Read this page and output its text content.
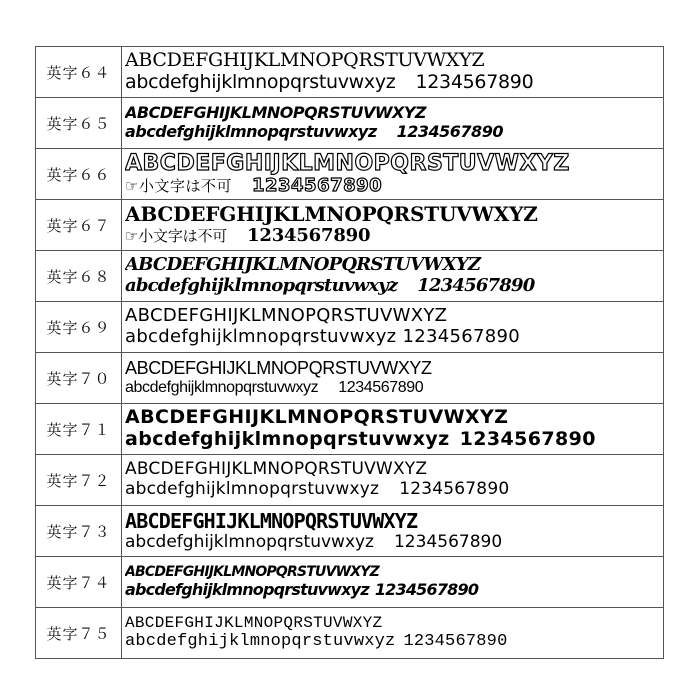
英字６４	ABCDEFGHIJKLMNOPQRSTUVWXYZ
abcdefghijklmnopqrstuvwxyz 1234567890

英字６５	ABCDEFGHIJKLMNOPQRSTUVWXYZ
abcdefghijklmnopqrstuvwxyz 1234567890

英字６６	ABCDEFGHIJKLMNOPQRSTUVWXYZ
☞小文字は不可 1234567890

英字６７	ABCDEFGHIJKLMNOPQRSTUVWXYZ
☞小文字は不可 1234567890

英字６８	ABCDEFGHIJKLMNOPQRSTUVWXYZ
abcdefghijklmnopqrstuvwxyz 1234567890

英字６９	ABCDEFGHIJKLMNOPQRSTUVWXYZ
abcdefghijklmnopqrstuvwxyz 1234567890

英字７０	ABCDEFGHIJKLMNOPQRSTUVWXYZ
abcdefghijklmnopqrstuvwxyz 1234567890

英字７１	ABCDEFGHIJKLMNOPQRSTUVWXYZ
abcdefghijklmnopqrstuvwxyz 1234567890

英字７２	ABCDEFGHIJKLMNOPQRSTUVWXYZ
abcdefghijklmnopqrstuvwxyz 1234567890

英字７３	ABCDEFGHIJKLMNOPQRSTUVWXYZ
abcdefghijklmnopqrstuvwxyz 1234567890

英字７４	ABCDEFGHIJKLMNOPQRSTUVWXYZ
abcdefghijklmnopqrstuvwxyz 1234567890

英字７５	ABCDEFGHIJKLMNOPQRSTUVWXYZ
abcdefghijklmnopqrstuvwxyz 1234567890
